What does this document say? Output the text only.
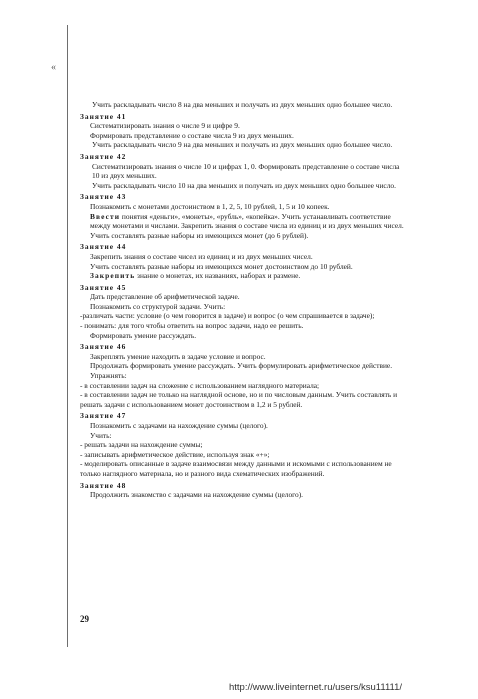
«

Учить раскладывать число 8 на два меньших и получать из двух меньших одно большее число.

Занятие 41

Систематизировать знания о числе 9 и цифре 9.

Формировать представление о составе числа 9 из двух меньших.

Учить раскладывать число 9 на два меньших и получать из двух меньших одно большее число.

Занятие 42

Систематизировать знания о числе 10 и цифрах 1, 0. Формировать представление о составе числа 10 из двух меньших.

Учить раскладывать число 10 на два меньших и получать из двух меньших одно большее число.

Занятие 43

Познакомить с монетами достоинством в 1, 2, 5, 10 рублей, 1, 5 и 10 копеек.

Ввести понятия «деньги», «монеты», «рубль», «копейка». Учить устанавливать соответствие между монетами и числами. Закрепить знания о составе числа из единиц и из двух меньших чисел. Учить составлять разные наборы из имеющихся монет (до 6 рублей).

Занятие 44

Закрепить знания о составе чисел из единиц и из двух меньших чисел.

Учить составлять разные наборы из имеющихся монет достоинством до 10 рублей.

Закрепить знание о монетах, их названиях, наборах и размене.

Занятие 45

Дать представление об арифметической задаче.

Познакомить со структурой задачи. Учить:

-различать части: условие (о чем говорится в задаче) и вопрос (о чем спрашивается в задаче);

- понимать: для того чтобы ответить на вопрос задачи, надо ее решить.

Формировать умение рассуждать.

Занятие 46

Закреплять умение находить в задаче условие и вопрос.

Продолжать формировать умение рассуждать. Учить формулировать арифметическое действие. Упражнять:

- в составлении задач на сложение с использованием наглядного материала;

- в составлении задач не только на наглядной основе, но и по числовым данным. Учить составлять и решать задачи с использованием монет достоинством в 1,2 и 5 рублей.

Занятие 47

Познакомить с задачами на нахождение суммы (целого).

Учить:

- решать задачи на нахождение суммы;

- записывать арифметическое действие, используя знак «+»;

- моделировать описанные в задаче взаимосвязи между данными и искомыми с использованием не только наглядного материала, но и разного вида схематических изображений.

Занятие 48

Продолжить знакомство с задачами на нахождение суммы (целого).

29
http://www.liveinternet.ru/users/ksu11111/
